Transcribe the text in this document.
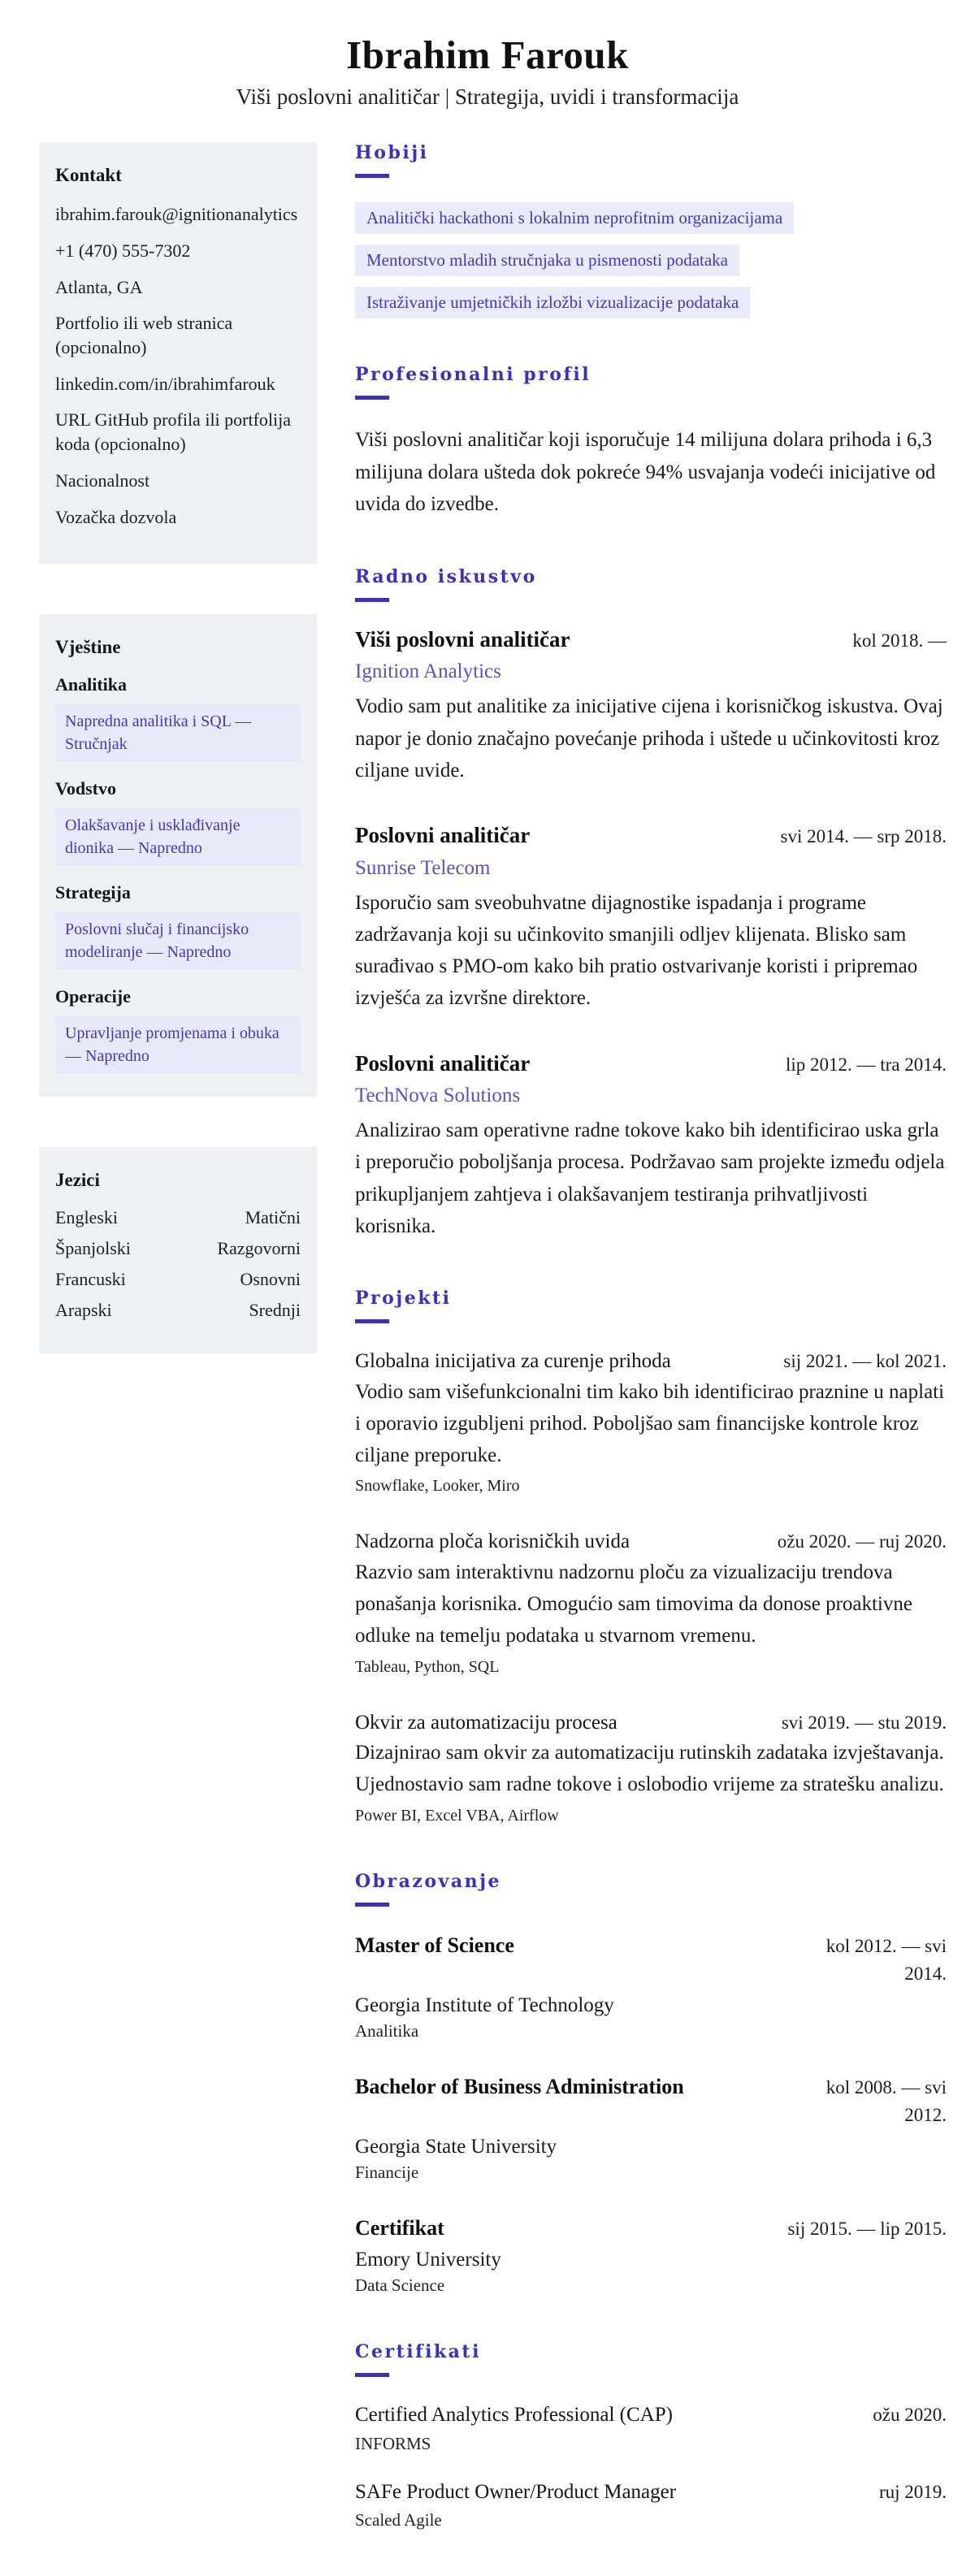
Ibrahim Farouk
Viši poslovni analitičar | Strategija, uvidi i transformacija
Kontakt
ibrahim.farouk@ignitionanalytics
+1 (470) 555-7302
Atlanta, GA
Portfolio ili web stranica (opcionalno)
linkedin.com/in/ibrahimfarouk
URL GitHub profila ili portfolija koda (opcionalno)
Nacionalnost
Vozačka dozvola
Vještine
Analitika
Napredna analitika i SQL — Stručnjak
Vodstvo
Olakšavanje i usklađivanje dionika — Napredno
Strategija
Poslovni slučaj i financijsko modeliranje — Napredno
Operacije
Upravljanje promjenama i obuka — Napredno
Jezici
Engleski	Matični
Španjolski	Razgovorni
Francuski	Osnovni
Arapski	Srednji
Hobiji
Analitički hackathoni s lokalnim neprofitnim organizacijama
Mentorstvo mladih stručnjaka u pismenosti podataka
Istraživanje umjetničkih izložbi vizualizacije podataka
Profesionalni profil
Viši poslovni analitičar koji isporučuje 14 milijuna dolara prihoda i 6,3 milijuna dolara ušteda dok pokreće 94% usvajanja vodeći inicijative od uvida do izvedbe.
Radno iskustvo
Viši poslovni analitičar	kol 2018. —
Ignition Analytics
Vodio sam put analitike za inicijative cijena i korisničkog iskustva. Ovaj napor je donio značajno povećanje prihoda i uštede u učinkovitosti kroz ciljane uvide.
Poslovni analitičar	svi 2014. — srp 2018.
Sunrise Telecom
Isporučio sam sveobuhvatne dijagnostike ispadanja i programe zadržavanja koji su učinkovito smanjili odljev klijenata. Blisko sam surađivao s PMO-om kako bih pratio ostvarivanje koristi i pripremao izvješća za izvršne direktore.
Poslovni analitičar	lip 2012. — tra 2014.
TechNova Solutions
Analizirao sam operativne radne tokove kako bih identificirao uska grla i preporučio poboljšanja procesa. Podržavao sam projekte između odjela prikupljanjem zahtjeva i olakšavanjem testiranja prihvatljivosti korisnika.
Projekti
Globalna inicijativa za curenje prihoda	sij 2021. — kol 2021.
Vodio sam višefunkcionalni tim kako bih identificirao praznine u naplati i oporavio izgubljeni prihod. Poboljšao sam financijske kontrole kroz ciljane preporuke.
Snowflake, Looker, Miro
Nadzorna ploča korisničkih uvida	ožu 2020. — ruj 2020.
Razvio sam interaktivnu nadzornu ploču za vizualizaciju trendova ponašanja korisnika. Omogućio sam timovima da donose proaktivne odluke na temelju podataka u stvarnom vremenu.
Tableau, Python, SQL
Okvir za automatizaciju procesa	svi 2019. — stu 2019.
Dizajnirao sam okvir za automatizaciju rutinskih zadataka izvještavanja. Ujednostavio sam radne tokove i oslobodio vrijeme za stratešku analizu.
Power BI, Excel VBA, Airflow
Obrazovanje
Master of Science	kol 2012. — svi 2014.
Georgia Institute of Technology
Analitika
Bachelor of Business Administration	kol 2008. — svi 2012.
Georgia State University
Financije
Certifikat	sij 2015. — lip 2015.
Emory University
Data Science
Certifikati
Certified Analytics Professional (CAP)	ožu 2020.
INFORMS
SAFe Product Owner/Product Manager	ruj 2019.
Scaled Agile
